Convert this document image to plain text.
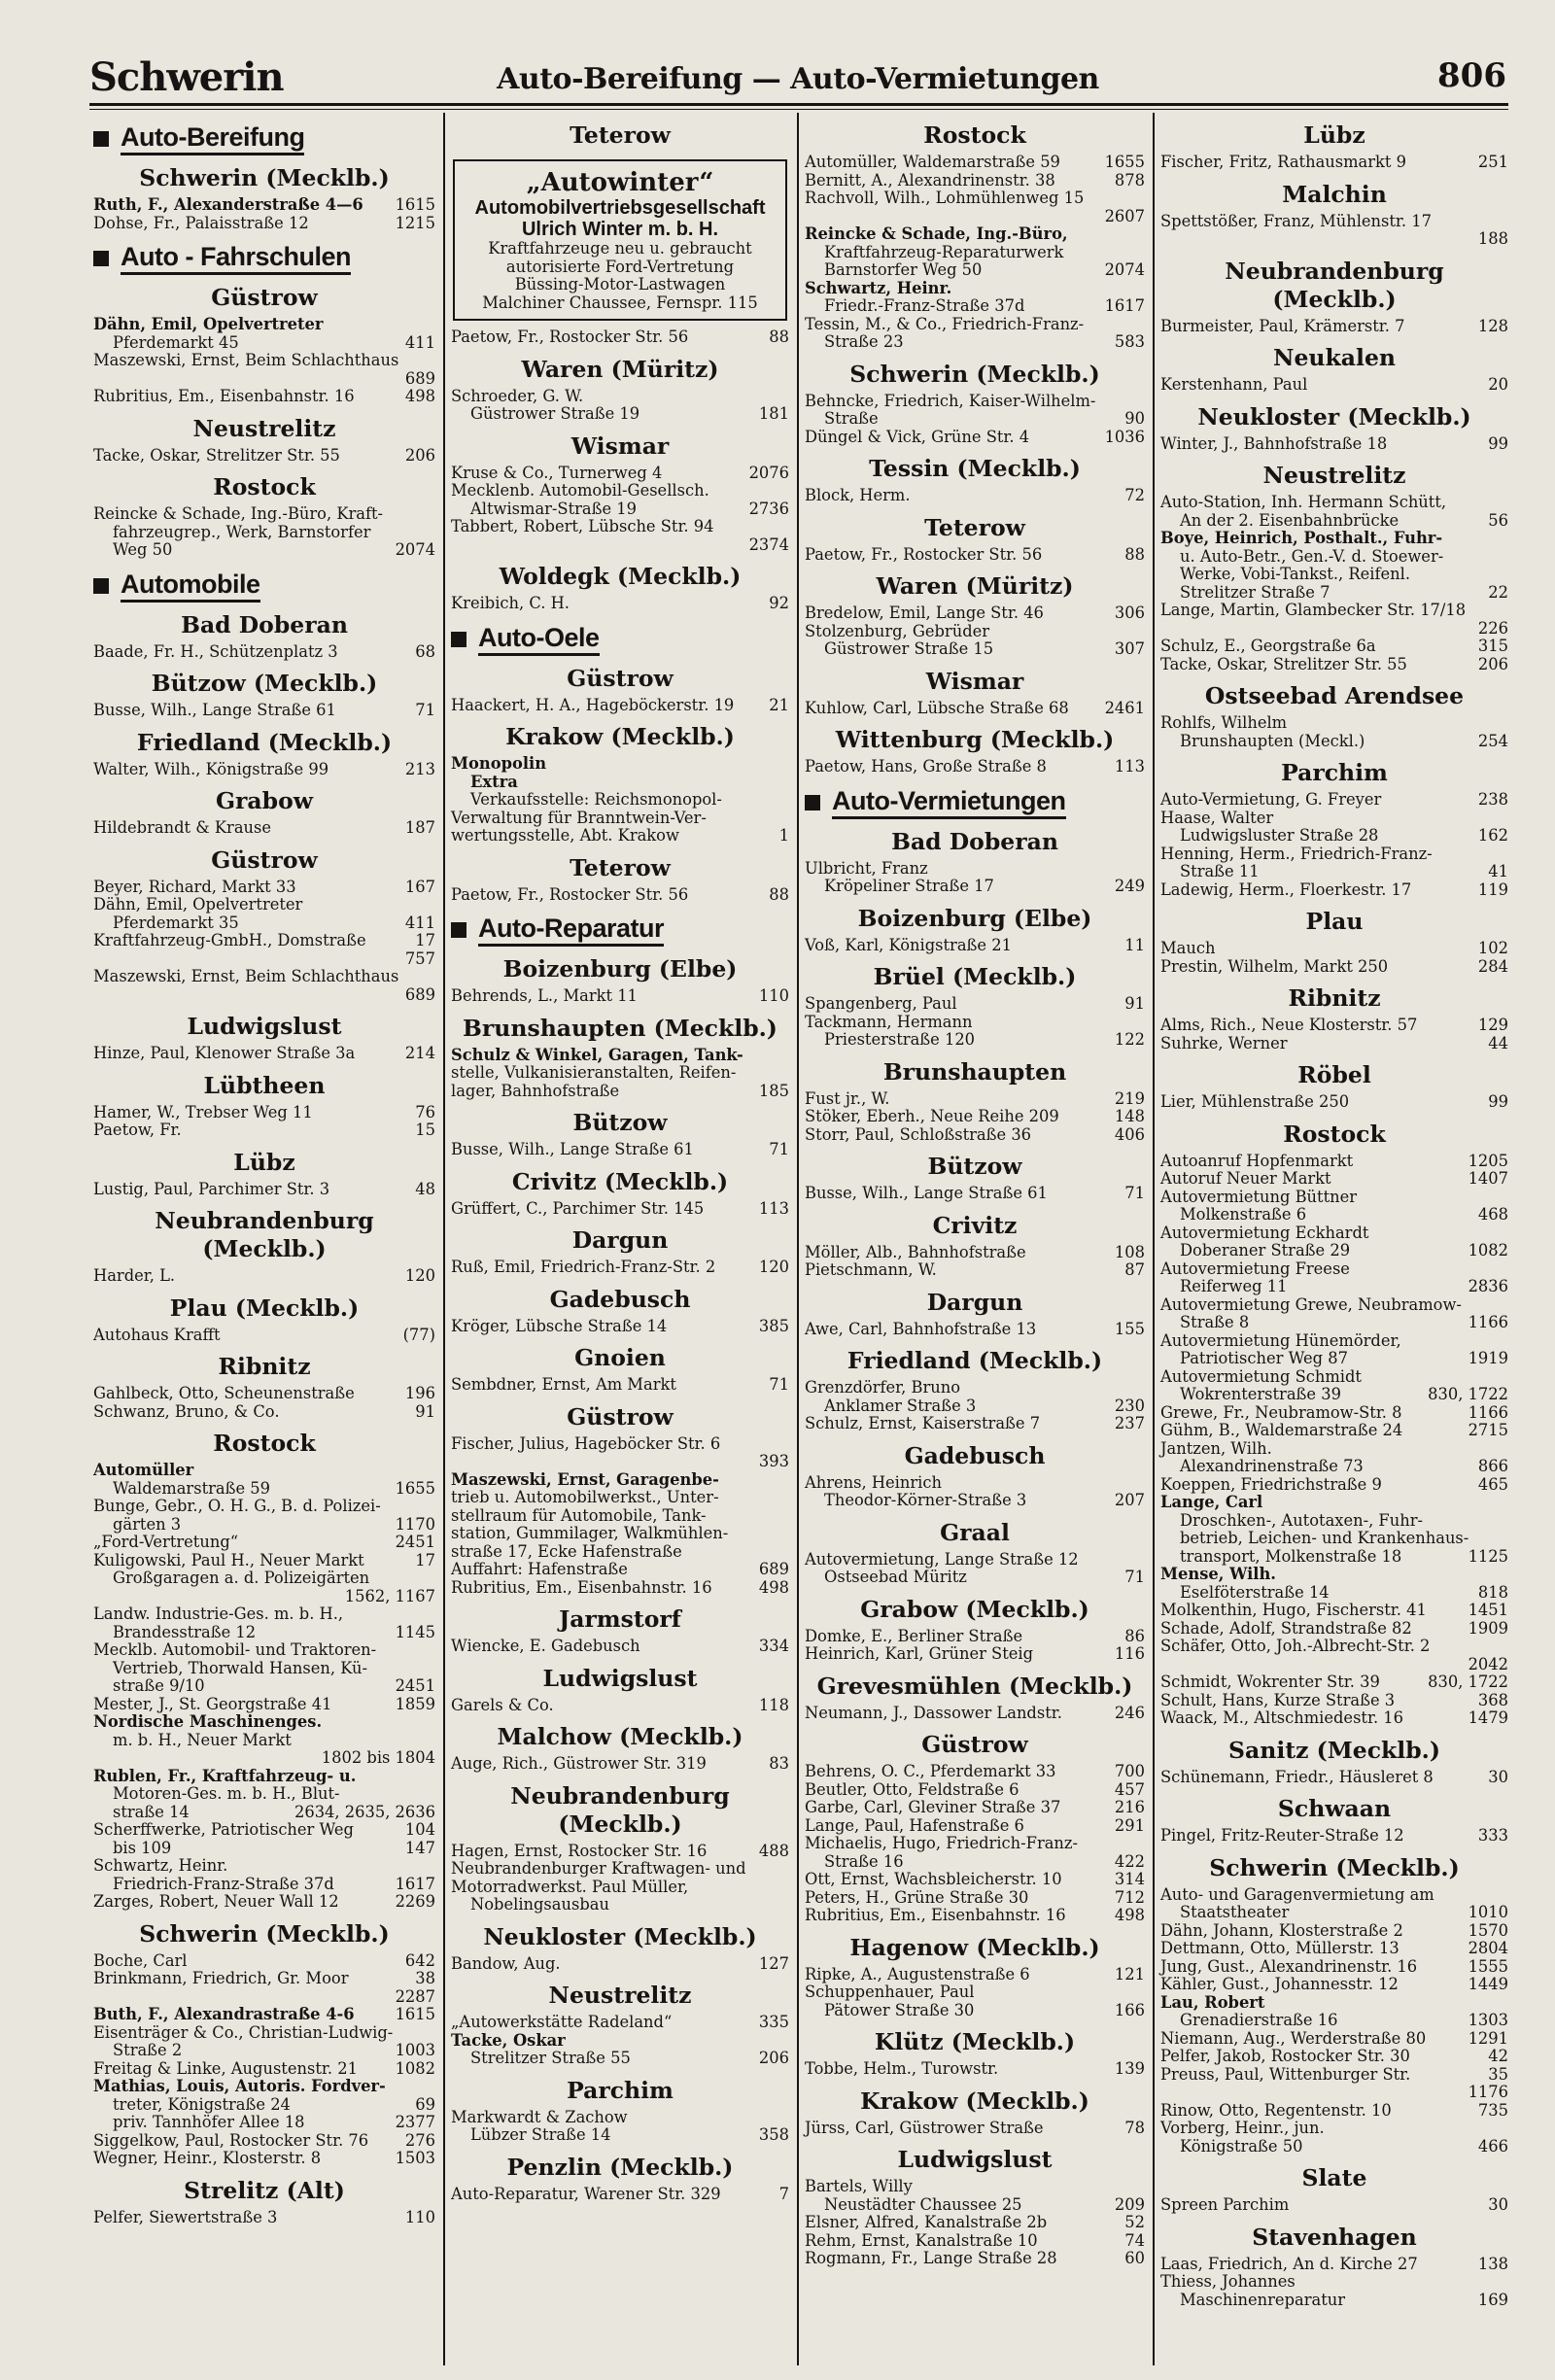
Schwerin	Auto-Bereifung — Auto-Vermietungen	806
Auto-Bereifung
Schwerin (Mecklb.)
Ruth, F., Alexanderstraße 4—6	1615
Dohse, Fr., Palaisstraße 12	1215
Auto - Fahrschulen
Güstrow
Dähn, Emil, Opelvertreter
Pferdemarkt 45	411
Maszewski, Ernst, Beim Schlachthaus
689
Rubritius, Em., Eisenbahnstr. 16	498
Neustrelitz
Tacke, Oskar, Strelitzer Str. 55	206
Rostock
Reincke & Schade, Ing.-Büro, Kraft-
fahrzeugrep., Werk, Barnstorfer
Weg 50	2074
Automobile
Bad Doberan
Baade, Fr. H., Schützenplatz 3	68
Bützow (Mecklb.)
Busse, Wilh., Lange Straße 61	71
Friedland (Mecklb.)
Walter, Wilh., Königstraße 99	213
Grabow
Hildebrandt & Krause	187
Güstrow
Beyer, Richard, Markt 33	167
Dähn, Emil, Opelvertreter
Pferdemarkt 35	411
Kraftfahrzeug-GmbH., Domstraße	17
757
Maszewski, Ernst, Beim Schlachthaus
689
Ludwigslust
Hinze, Paul, Klenower Straße 3a	214
Lübtheen
Hamer, W., Trebser Weg 11	76
Paetow, Fr.	15
Lübz
Lustig, Paul, Parchimer Str. 3	48
Neubrandenburg (Mecklb.)
Harder, L.	120
Plau (Mecklb.)
Autohaus Krafft	(77)
Ribnitz
Gahlbeck, Otto, Scheunenstraße	196
Schwanz, Bruno, & Co.	91
Rostock
Automüller
Waldemarstraße 59	1655
Bunge, Gebr., O. H. G., B. d. Polizei-
gärten 3	1170
„Ford-Vertretung“	2451
Kuligowski, Paul H., Neuer Markt	17
Großgaragen a. d. Polizeigärten
1562, 1167
Landw. Industrie-Ges. m. b. H.,
Brandesstraße 12	1145
Mecklb. Automobil- und Traktoren-
Vertrieb, Thorwald Hansen, Kü-
straße 9/10	2451
Mester, J., St. Georgstraße 41	1859
Nordische Maschinenges.
m. b. H., Neuer Markt
1802 bis 1804
Rublen, Fr., Kraftfahrzeug- u.
Motoren-Ges. m. b. H., Blut-
straße 14	2634, 2635, 2636
Scherffwerke, Patriotischer Weg	104
bis 109	147
Schwartz, Heinr.
Friedrich-Franz-Straße 37d	1617
Zarges, Robert, Neuer Wall 12	2269
Schwerin (Mecklb.)
Boche, Carl	642
Brinkmann, Friedrich, Gr. Moor	38
2287
Buth, F., Alexandrastraße 4-6	1615
Eisenträger & Co., Christian-Ludwig-
Straße 2	1003
Freitag & Linke, Augustenstr. 21	1082
Mathias, Louis, Autoris. Fordver-
treter, Königstraße 24	69
priv. Tannhöfer Allee 18	2377
Siggelkow, Paul, Rostocker Str. 76	276
Wegner, Heinr., Klosterstr. 8	1503
Strelitz (Alt)
Pelfer, Siewertstraße 3	110
Teterow
„Autowinter“
Automobilvertriebsgesellschaft
Ulrich Winter m. b. H.
Kraftfahrzeuge neu u. gebraucht
autorisierte Ford-Vertretung
Büssing-Motor-Lastwagen
Malchiner Chaussee, Fernspr. 115
Paetow, Fr., Rostocker Str. 56	88
Waren (Müritz)
Schroeder, G. W.
Güstrower Straße 19	181
Wismar
Kruse & Co., Turnerweg 4	2076
Mecklenb. Automobil-Gesellsch.
Altwismar-Straße 19	2736
Tabbert, Robert, Lübsche Str. 94
2374
Woldegk (Mecklb.)
Kreibich, C. H.	92
Auto-Oele
Güstrow
Haackert, H. A., Hageböckerstr. 19	21
Krakow (Mecklb.)
Monopolin
Extra
Verkaufsstelle: Reichsmonopol-
Verwaltung für Branntwein-Ver-
wertungsstelle, Abt. Krakow	1
Teterow
Paetow, Fr., Rostocker Str. 56	88
Auto-Reparatur
Boizenburg (Elbe)
Behrends, L., Markt 11	110
Brunshaupten (Mecklb.)
Schulz & Winkel, Garagen, Tank-
stelle, Vulkanisieranstalten, Reifen-
lager, Bahnhofstraße	185
Bützow
Busse, Wilh., Lange Straße 61	71
Crivitz (Mecklb.)
Grüffert, C., Parchimer Str. 145	113
Dargun
Ruß, Emil, Friedrich-Franz-Str. 2	120
Gadebusch
Kröger, Lübsche Straße 14	385
Gnoien
Sembdner, Ernst, Am Markt	71
Güstrow
Fischer, Julius, Hageböcker Str. 6
393
Maszewski, Ernst, Garagenbe-
trieb u. Automobilwerkst., Unter-
stellraum für Automobile, Tank-
station, Gummilager, Walkmühlen-
straße 17, Ecke Hafenstraße
Auffahrt: Hafenstraße	689
Rubritius, Em., Eisenbahnstr. 16	498
Jarmstorf
Wiencke, E. Gadebusch	334
Ludwigslust
Garels & Co.	118
Malchow (Mecklb.)
Auge, Rich., Güstrower Str. 319	83
Neubrandenburg (Mecklb.)
Hagen, Ernst, Rostocker Str. 16	488
Neubrandenburger Kraftwagen- und
Motorradwerkst. Paul Müller,
Nobelingsausbau
Neukloster (Mecklb.)
Bandow, Aug.	127
Neustrelitz
„Autowerkstätte Radeland“	335
Tacke, Oskar
Strelitzer Straße 55	206
Parchim
Markwardt & Zachow
Lübzer Straße 14	358
Penzlin (Mecklb.)
Auto-Reparatur, Warener Str. 329	7
Rostock
Automüller, Waldemarstraße 59	1655
Bernitt, A., Alexandrinenstr. 38	878
Rachvoll, Wilh., Lohmühlenweg 15
2607
Reincke & Schade, Ing.-Büro,
Kraftfahrzeug-Reparaturwerk
Barnstorfer Weg 50	2074
Schwartz, Heinr.
Friedr.-Franz-Straße 37d	1617
Tessin, M., & Co., Friedrich-Franz-
Straße 23	583
Schwerin (Mecklb.)
Behncke, Friedrich, Kaiser-Wilhelm-
Straße	90
Düngel & Vick, Grüne Str. 4	1036
Tessin (Mecklb.)
Block, Herm.	72
Teterow
Paetow, Fr., Rostocker Str. 56	88
Waren (Müritz)
Bredelow, Emil, Lange Str. 46	306
Stolzenburg, Gebrüder
Güstrower Straße 15	307
Wismar
Kuhlow, Carl, Lübsche Straße 68	2461
Wittenburg (Mecklb.)
Paetow, Hans, Große Straße 8	113
Auto-Vermietungen
Bad Doberan
Ulbricht, Franz
Kröpeliner Straße 17	249
Boizenburg (Elbe)
Voß, Karl, Königstraße 21	11
Brüel (Mecklb.)
Spangenberg, Paul	91
Tackmann, Hermann
Priesterstraße 120	122
Brunshaupten
Fust jr., W.	219
Stöker, Eberh., Neue Reihe 209	148
Storr, Paul, Schloßstraße 36	406
Bützow
Busse, Wilh., Lange Straße 61	71
Crivitz
Möller, Alb., Bahnhofstraße	108
Pietschmann, W.	87
Dargun
Awe, Carl, Bahnhofstraße 13	155
Friedland (Mecklb.)
Grenzdörfer, Bruno
Anklamer Straße 3	230
Schulz, Ernst, Kaiserstraße 7	237
Gadebusch
Ahrens, Heinrich
Theodor-Körner-Straße 3	207
Graal
Autovermietung, Lange Straße 12
Ostseebad Müritz	71
Grabow (Mecklb.)
Domke, E., Berliner Straße	86
Heinrich, Karl, Grüner Steig	116
Grevesmühlen (Mecklb.)
Neumann, J., Dassower Landstr.	246
Güstrow
Behrens, O. C., Pferdemarkt 33	700
Beutler, Otto, Feldstraße 6	457
Garbe, Carl, Gleviner Straße 37	216
Lange, Paul, Hafenstraße 6	291
Michaelis, Hugo, Friedrich-Franz-
Straße 16	422
Ott, Ernst, Wachsbleicherstr. 10	314
Peters, H., Grüne Straße 30	712
Rubritius, Em., Eisenbahnstr. 16	498
Hagenow (Mecklb.)
Ripke, A., Augustenstraße 6	121
Schuppenhauer, Paul
Pätower Straße 30	166
Klütz (Mecklb.)
Tobbe, Helm., Turowstr.	139
Krakow (Mecklb.)
Jürss, Carl, Güstrower Straße	78
Ludwigslust
Bartels, Willy
Neustädter Chaussee 25	209
Elsner, Alfred, Kanalstraße 2b	52
Rehm, Ernst, Kanalstraße 10	74
Rogmann, Fr., Lange Straße 28	60
Lübz
Fischer, Fritz, Rathausmarkt 9	251
Malchin
Spettstößer, Franz, Mühlenstr. 17
188
Neubrandenburg (Mecklb.)
Burmeister, Paul, Krämerstr. 7	128
Neukalen
Kerstenhann, Paul	20
Neukloster (Mecklb.)
Winter, J., Bahnhofstraße 18	99
Neustrelitz
Auto-Station, Inh. Hermann Schütt,
An der 2. Eisenbahnbrücke	56
Boye, Heinrich, Posthalt., Fuhr-
u. Auto-Betr., Gen.-V. d. Stoewer-
Werke, Vobi-Tankst., Reifenl.
Strelitzer Straße 7	22
Lange, Martin, Glambecker Str. 17/18
226
Schulz, E., Georgstraße 6a	315
Tacke, Oskar, Strelitzer Str. 55	206
Ostseebad Arendsee
Rohlfs, Wilhelm
Brunshaupten (Meckl.)	254
Parchim
Auto-Vermietung, G. Freyer	238
Haase, Walter
Ludwigsluster Straße 28	162
Henning, Herm., Friedrich-Franz-
Straße 11	41
Ladewig, Herm., Floerkestr. 17	119
Plau
Mauch	102
Prestin, Wilhelm, Markt 250	284
Ribnitz
Alms, Rich., Neue Klosterstr. 57	129
Suhrke, Werner	44
Röbel
Lier, Mühlenstraße 250	99
Rostock
Autoanruf Hopfenmarkt	1205
Autoruf Neuer Markt	1407
Autovermietung Büttner
Molkenstraße 6	468
Autovermietung Eckhardt
Doberaner Straße 29	1082
Autovermietung Freese
Reiferweg 11	2836
Autovermietung Grewe, Neubramow-
Straße 8	1166
Autovermietung Hünemörder,
Patriotischer Weg 87	1919
Autovermietung Schmidt
Wokrenterstraße 39	830, 1722
Grewe, Fr., Neubramow-Str. 8	1166
Gühm, B., Waldemarstraße 24	2715
Jantzen, Wilh.
Alexandrinenstraße 73	866
Koeppen, Friedrichstraße 9	465
Lange, Carl
Droschken-, Autotaxen-, Fuhr-
betrieb, Leichen- und Krankenhaus-
transport, Molkenstraße 18	1125
Mense, Wilh.
Eselföterstraße 14	818
Molkenthin, Hugo, Fischerstr. 41	1451
Schade, Adolf, Strandstraße 82	1909
Schäfer, Otto, Joh.-Albrecht-Str. 2
2042
Schmidt, Wokrenter Str. 39	830, 1722
Schult, Hans, Kurze Straße 3	368
Waack, M., Altschmiedestr. 16	1479
Sanitz (Mecklb.)
Schünemann, Friedr., Häusleret 8	30
Schwaan
Pingel, Fritz-Reuter-Straße 12	333
Schwerin (Mecklb.)
Auto- und Garagenvermietung am
Staatstheater	1010
Dähn, Johann, Klosterstraße 2	1570
Dettmann, Otto, Müllerstr. 13	2804
Jung, Gust., Alexandrinenstr. 16	1555
Kähler, Gust., Johannesstr. 12	1449
Lau, Robert
Grenadierstraße 16	1303
Niemann, Aug., Werderstraße 80	1291
Pelfer, Jakob, Rostocker Str. 30	42
Preuss, Paul, Wittenburger Str.	35
1176
Rinow, Otto, Regentenstr. 10	735
Vorberg, Heinr., jun.
Königstraße 50	466
Slate
Spreen Parchim	30
Stavenhagen
Laas, Friedrich, An d. Kirche 27	138
Thiess, Johannes
Maschinenreparatur	169
